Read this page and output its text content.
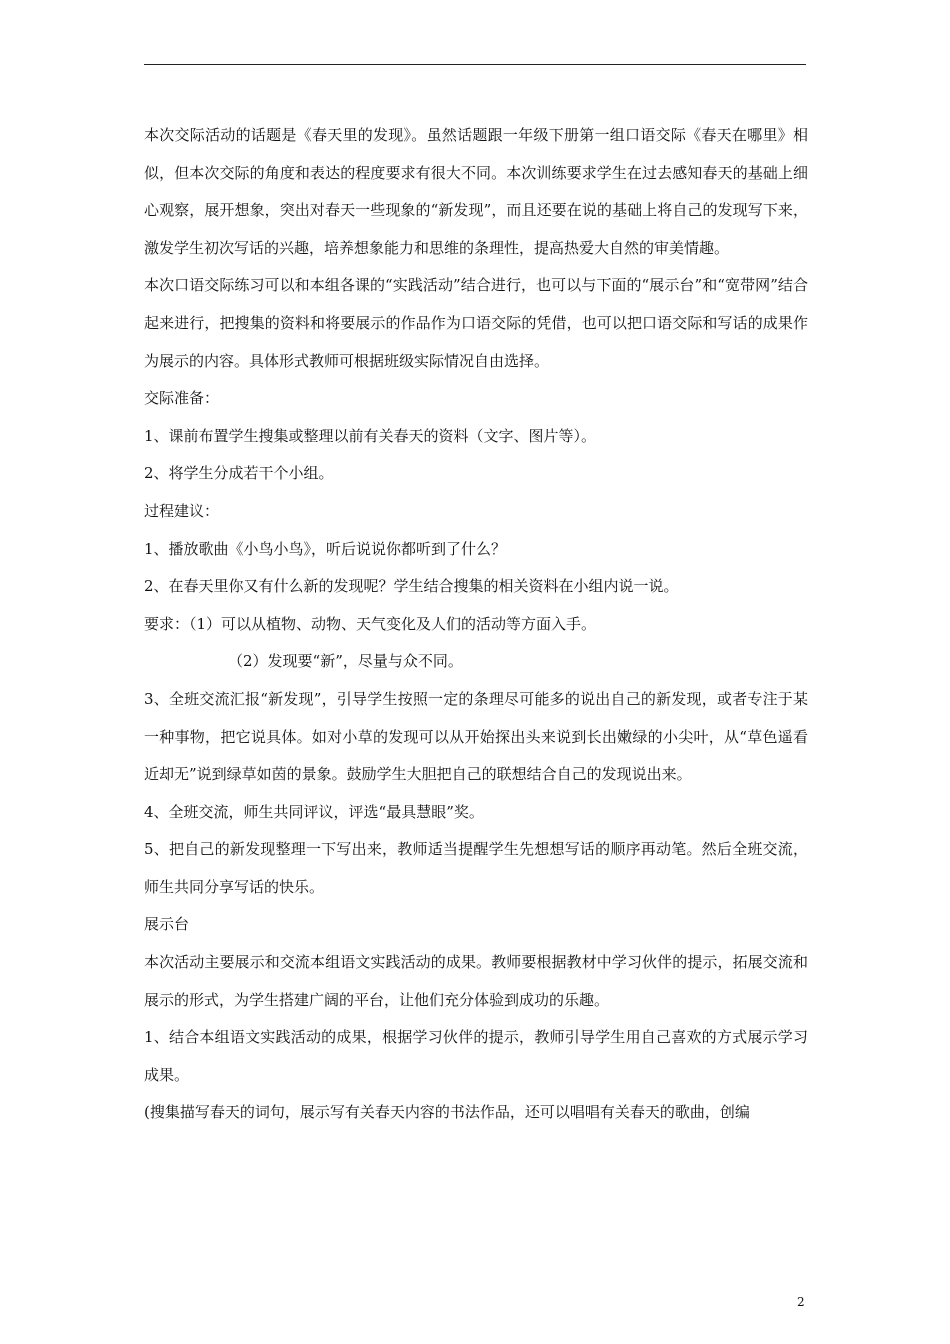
本次交际活动的话题是《春天里的发现》。虽然话题跟一年级下册第一组口语交际《春天在哪里》相似，但本次交际的角度和表达的程度要求有很大不同。本次训练要求学生在过去感知春天的基础上细心观察，展开想象，突出对春天一些现象的“新发现”，而且还要在说的基础上将自己的发现写下来，激发学生初次写话的兴趣，培养想象能力和思维的条理性，提高热爱大自然的审美情趣。

本次口语交际练习可以和本组各课的“实践活动”结合进行，也可以与下面的“展示台”和“宽带网”结合起来进行，把搜集的资料和将要展示的作品作为口语交际的凭借，也可以把口语交际和写话的成果作为展示的内容。具体形式教师可根据班级实际情况自由选择。

交际准备：

1、课前布置学生搜集或整理以前有关春天的资料（文字、图片等）。

2、将学生分成若干个小组。

过程建议：

1、播放歌曲《小鸟小鸟》，听后说说你都听到了什么？

2、在春天里你又有什么新的发现呢？学生结合搜集的相关资料在小组内说一说。

要求：（1）可以从植物、动物、天气变化及人们的活动等方面入手。

（2）发现要“新”，尽量与众不同。

3、全班交流汇报“新发现”，引导学生按照一定的条理尽可能多的说出自己的新发现，或者专注于某一种事物，把它说具体。如对小草的发现可以从开始探出头来说到长出嫩绿的小尖叶，从“草色遥看近却无”说到绿草如茵的景象。鼓励学生大胆把自己的联想结合自己的发现说出来。

4、全班交流，师生共同评议，评选“最具慧眼”奖。

5、把自己的新发现整理一下写出来，教师适当提醒学生先想想写话的顺序再动笔。然后全班交流，师生共同分享写话的快乐。

展示台

本次活动主要展示和交流本组语文实践活动的成果。教师要根据教材中学习伙伴的提示，拓展交流和展示的形式，为学生搭建广阔的平台，让他们充分体验到成功的乐趣。

1、结合本组语文实践活动的成果，根据学习伙伴的提示，教师引导学生用自己喜欢的方式展示学习成果。

(搜集描写春天的词句，展示写有关春天内容的书法作品，还可以唱唱有关春天的歌曲，创编

2
